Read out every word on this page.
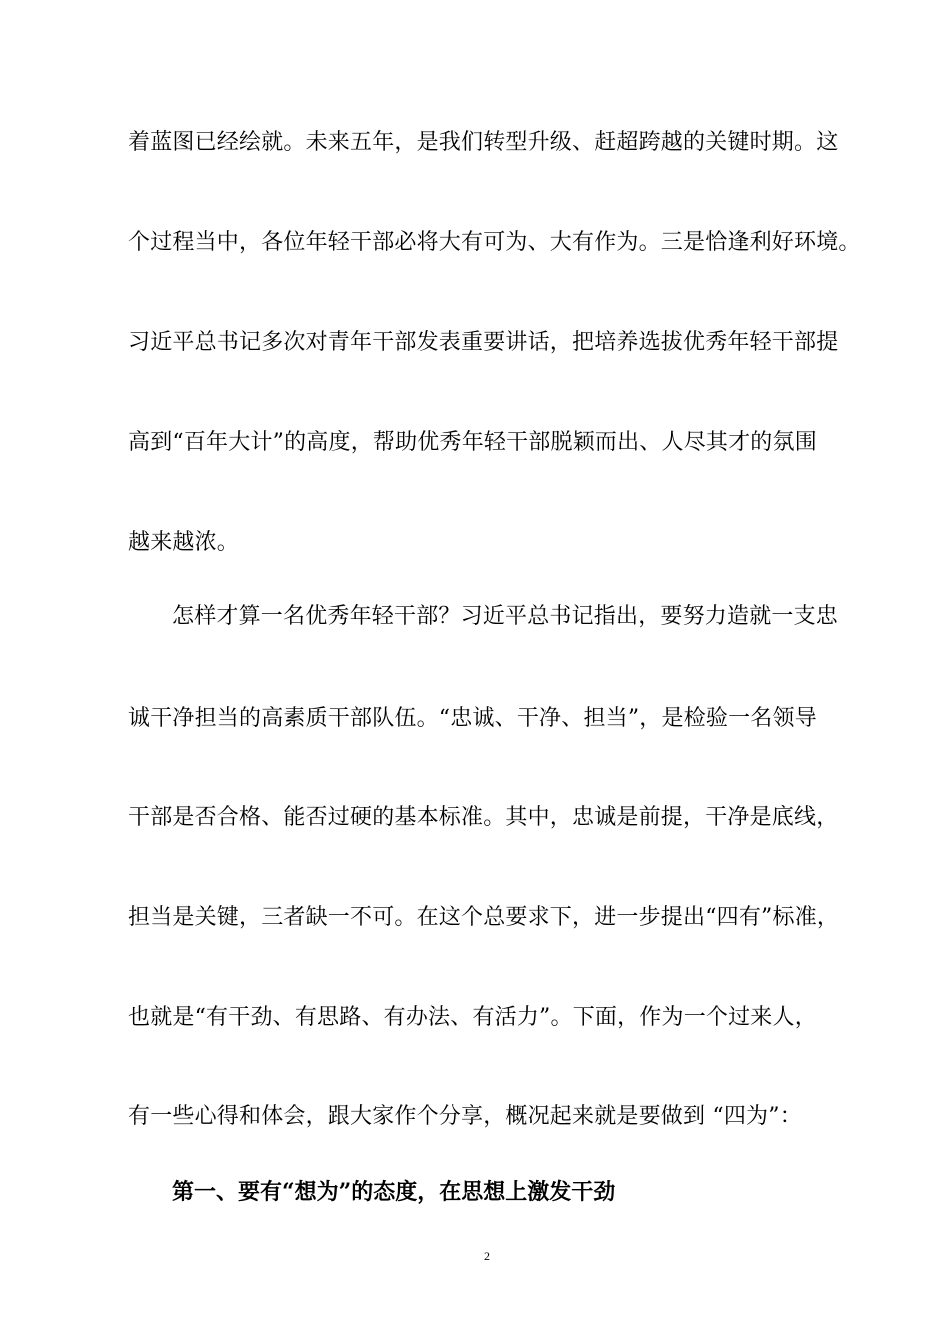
着蓝图已经绘就。未来五年，是我们转型升级、赶超跨越的关键时期。这
个过程当中，各位年轻干部必将大有可为、大有作为。三是恰逢利好环境。
习近平总书记多次对青年干部发表重要讲话，把培养选拔优秀年轻干部提
高到“百年大计”的高度，帮助优秀年轻干部脱颖而出、人尽其才的氛围
越来越浓。
怎样才算一名优秀年轻干部？习近平总书记指出，要努力造就一支忠
诚干净担当的高素质干部队伍。“忠诚、干净、担当”，是检验一名领导
干部是否合格、能否过硬的基本标准。其中，忠诚是前提，干净是底线，
担当是关键，三者缺一不可。在这个总要求下，进一步提出“四有”标准，
也就是“有干劲、有思路、有办法、有活力”。下面，作为一个过来人，
有一些心得和体会，跟大家作个分享，概况起来就是要做到 “四为”：
第一、要有“想为”的态度，在思想上激发干劲
2
